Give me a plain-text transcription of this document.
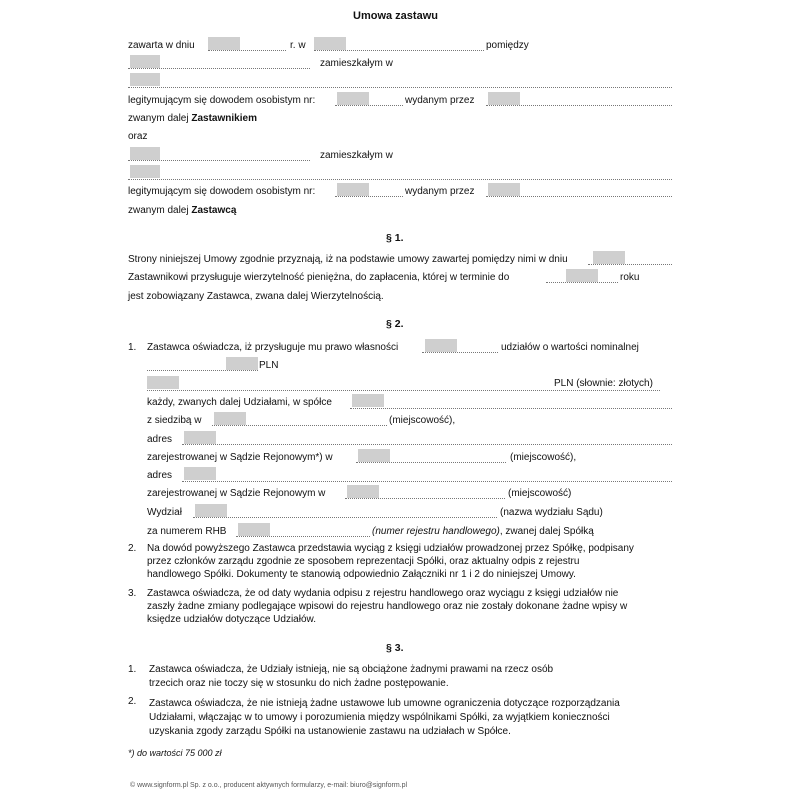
Umowa zastawu
zawarta w dniu	r. w	pomiędzy
zamieszkałym w
legitymującym się dowodem osobistym nr:	wydanym przez
zwanym dalej Zastawnikiem
oraz
zamieszkałym w
legitymującym się dowodem osobistym nr:	wydanym przez
zwanym dalej Zastawcą
§ 1.
Strony niniejszej Umowy zgodnie przyznają, iż na podstawie umowy zawartej pomiędzy nimi w dniu
Zastawnikowi przysługuje wierzytelność pieniężna, do zapłacenia, której w terminie do	roku
jest zobowiązany Zastawca, zwana dalej Wierzytelnością.
§ 2.
1. Zastawca oświadcza, iż przysługuje mu prawo własności	udziałów o wartości nominalnej
PLN
PLN (słownie: złotych)
każdy, zwanych dalej Udziałami, w spółce
z siedzibą w	(miejscowość),
adres
zarejestrowanej w Sądzie Rejonowym*) w	(miejscowość),
adres
zarejestrowanej w Sądzie Rejonowym w	(miejscowość)
Wydział	(nazwa wydziału Sądu)
za numerem RHB	(numer rejestru handlowego), zwanej dalej Spółką
2. Na dowód powyższego Zastawca przedstawia wyciąg z księgi udziałów prowadzonej przez Spółkę, podpisany
przez członków zarządu zgodnie ze sposobem reprezentacji Spółki, oraz aktualny odpis z rejestru
handlowego Spółki. Dokumenty te stanowią odpowiednio Załączniki nr 1 i 2 do niniejszej Umowy.
3. Zastawca oświadcza, że od daty wydania odpisu z rejestru handlowego oraz wyciągu z księgi udziałów nie
zaszły żadne zmiany podlegające wpisowi do rejestru handlowego oraz nie zostały dokonane żadne wpisy w
księdze udziałów dotyczące Udziałów.
§ 3.
1. Zastawca oświadcza, że Udziały istnieją, nie są obciążone żadnymi prawami na rzecz osób
trzecich oraz nie toczy się w stosunku do nich żadne postępowanie.
2. Zastawca oświadcza, że nie istnieją żadne ustawowe lub umowne ograniczenia dotyczące rozporządzania
Udziałami, włączając w to umowy i porozumienia między wspólnikami Spółki, za wyjątkiem konieczności
uzyskania zgody zarządu Spółki na ustanowienie zastawu na udziałach w Spółce.
*) do wartości 75 000 zł
© www.signform.pl Sp. z o.o., producent aktywnych formularzy, e-mail: biuro@signform.pl
